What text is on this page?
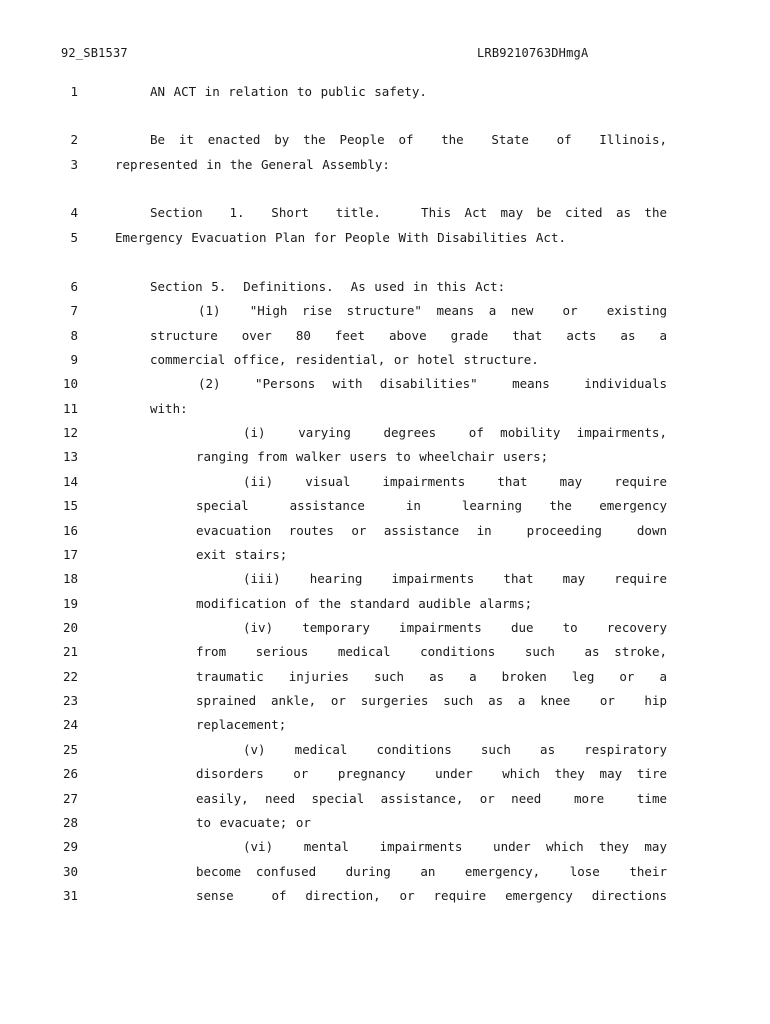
92_SB1537	LRB9210763DHmgA
1	AN ACT in relation to public safety.
2	Be it enacted by the People of  the  State  of  Illinois,
3	represented in the General Assembly:
4	Section  1.  Short  title.   This Act may be cited as the
5	Emergency Evacuation Plan for People With Disabilities Act.
6	Section 5.  Definitions.  As used in this Act:
7	(1)  "High rise structure" means a new  or  existing
8	structure  over  80  feet  above  grade  that  acts  as  a
9	commercial office, residential, or hotel structure.
10	(2)  "Persons with disabilities"  means  individuals
11	with:
12	(i)  varying  degrees  of mobility impairments,
13	ranging from walker users to wheelchair users;
14	(ii)  visual  impairments  that  may  require
15	special   assistance   in   learning  the  emergency
16	evacuation routes or assistance in  proceeding  down
17	exit stairs;
18	(iii)  hearing  impairments  that  may  require
19	modification of the standard audible alarms;
20	(iv)  temporary  impairments  due  to  recovery
21	from  serious  medical  conditions  such  as stroke,
22	traumatic  injuries  such  as  a  broken  leg  or  a
23	sprained ankle, or surgeries such as a knee  or  hip
24	replacement;
25	(v)  medical  conditions  such  as  respiratory
26	disorders  or  pregnancy  under  which they may tire
27	easily, need special assistance, or need  more  time
28	to evacuate; or
29	(vi)  mental  impairments  under which they may
30	become confused  during  an  emergency,  lose  their
31	sense  of direction, or require emergency directions
